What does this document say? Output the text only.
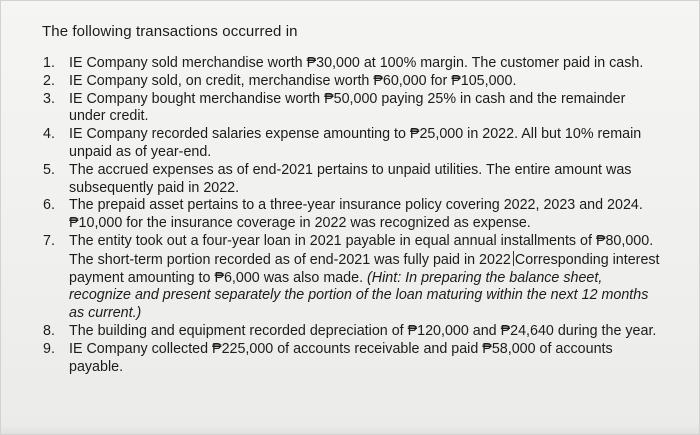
The following transactions occurred in
1. IE Company sold merchandise worth ₱30,000 at 100% margin. The customer paid in cash.
2. IE Company sold, on credit, merchandise worth ₱60,000 for ₱105,000.
3. IE Company bought merchandise worth ₱50,000 paying 25% in cash and the remainder under credit.
4. IE Company recorded salaries expense amounting to ₱25,000 in 2022. All but 10% remain unpaid as of year-end.
5. The accrued expenses as of end-2021 pertains to unpaid utilities. The entire amount was subsequently paid in 2022.
6. The prepaid asset pertains to a three-year insurance policy covering 2022, 2023 and 2024. ₱10,000 for the insurance coverage in 2022 was recognized as expense.
7. The entity took out a four-year loan in 2021 payable in equal annual installments of ₱80,000. The short-term portion recorded as of end-2021 was fully paid in 2022 Corresponding interest payment amounting to ₱6,000 was also made. (Hint: In preparing the balance sheet, recognize and present separately the portion of the loan maturing within the next 12 months as current.)
8. The building and equipment recorded depreciation of ₱120,000 and ₱24,640 during the year.
9. IE Company collected ₱225,000 of accounts receivable and paid ₱58,000 of accounts payable.
